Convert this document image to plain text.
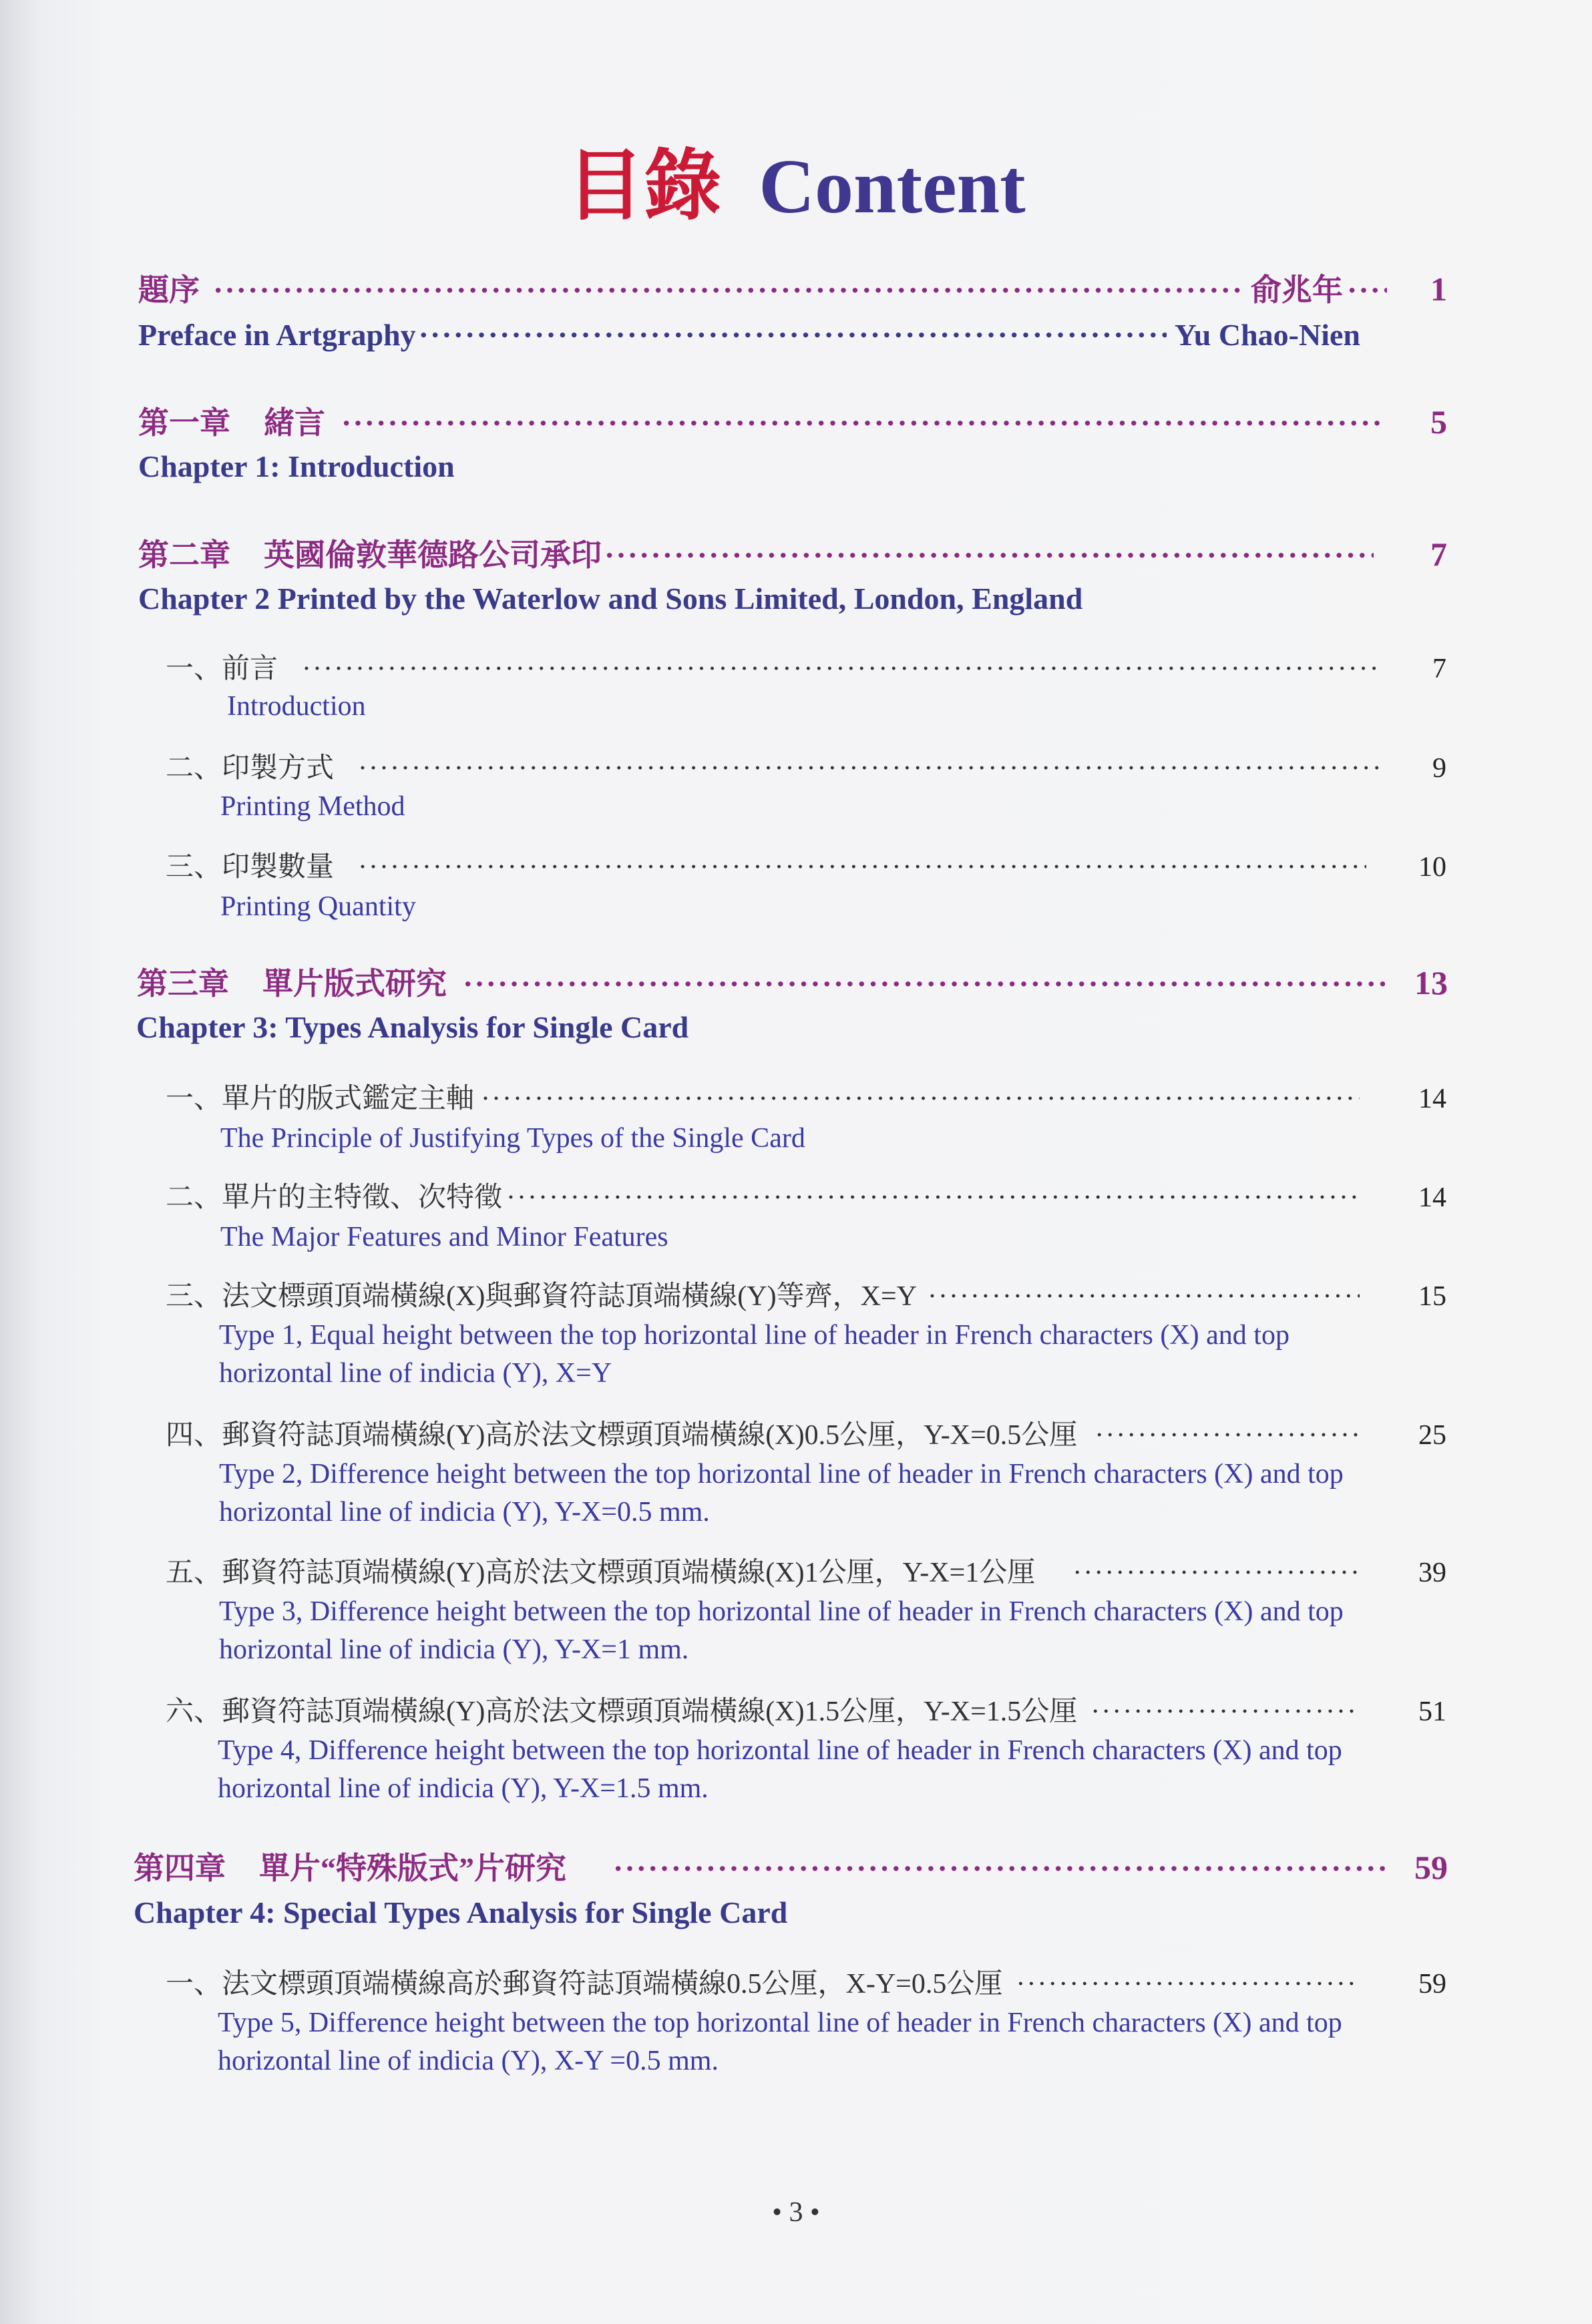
目錄 Content
題序 ·····	俞兆年 ·····	1
Preface in Artgraphy ·····	Yu Chao-Nien
第一章 緒言 ·····	5
Chapter 1: Introduction
第二章 英國倫敦華德路公司承印 ·····	7
Chapter 2 Printed by the Waterlow and Sons Limited, London, England
一、前言 ·····	7
Introduction
二、印製方式 ·····	9
Printing Method
三、印製數量 ·····	10
Printing Quantity
第三章 單片版式研究 ·····	13
Chapter 3: Types Analysis for Single Card
一、單片的版式鑑定主軸 ·····	14
The Principle of Justifying Types of the Single Card
二、單片的主特徵、次特徵 ·····	14
The Major Features and Minor Features
三、法文標頭頂端橫線(X)與郵資符誌頂端橫線(Y)等齊，X=Y ·····	15
Type 1, Equal height between the top horizontal line of header in French characters (X) and top horizontal line of indicia (Y), X=Y
四、郵資符誌頂端橫線(Y)高於法文標頭頂端橫線(X)0.5公厘，Y-X=0.5公厘 ·····	25
Type 2, Difference height between the top horizontal line of header in French characters (X) and top horizontal line of indicia (Y), Y-X=0.5 mm.
五、郵資符誌頂端橫線(Y)高於法文標頭頂端橫線(X)1公厘，Y-X=1公厘 ·····	39
Type 3, Difference height between the top horizontal line of header in French characters (X) and top horizontal line of indicia (Y), Y-X=1 mm.
六、郵資符誌頂端橫線(Y)高於法文標頭頂端橫線(X)1.5公厘，Y-X=1.5公厘 ·····	51
Type 4, Difference height between the top horizontal line of header in French characters (X) and top horizontal line of indicia (Y), Y-X=1.5 mm.
第四章 單片“特殊版式”片研究 ·····	59
Chapter 4: Special Types Analysis for Single Card
一、法文標頭頂端橫線高於郵資符誌頂端橫線0.5公厘，X-Y=0.5公厘 ·····	59
Type 5, Difference height between the top horizontal line of header in French characters (X) and top horizontal line of indicia (Y), X-Y =0.5 mm.
• 3 •
